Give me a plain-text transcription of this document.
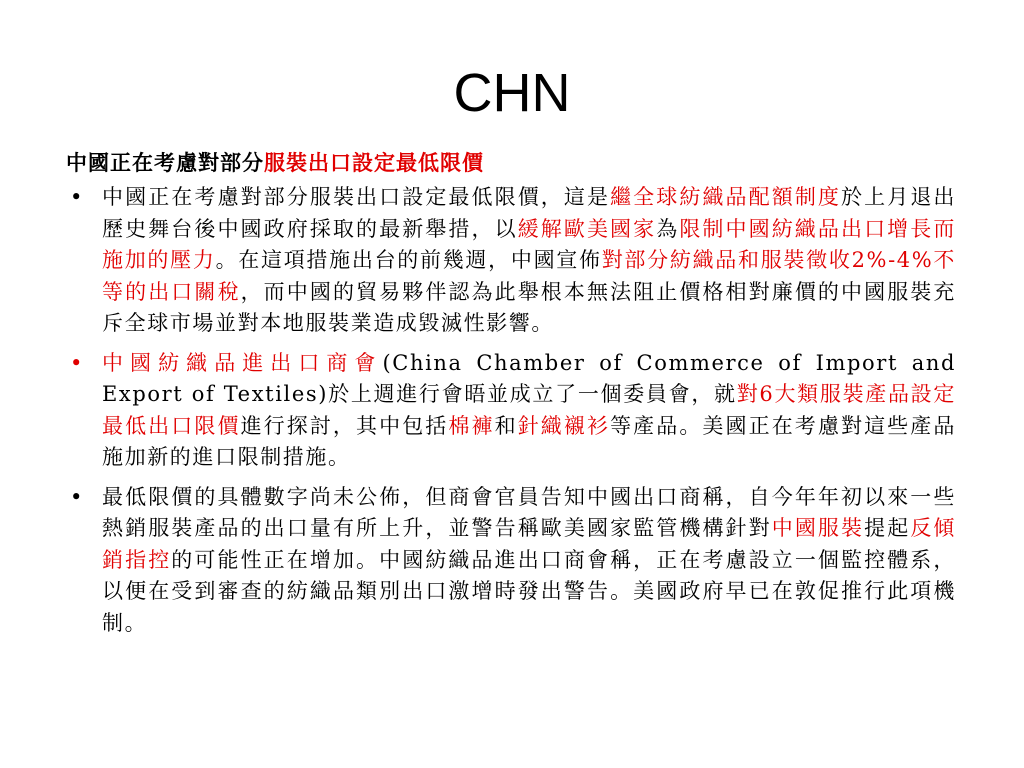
CHN

中國正在考慮對部分服裝出口設定最低限價

• 中國正在考慮對部分服裝出口設定最低限價，這是繼全球紡織品配額制度於上月退出歷史舞台後中國政府採取的最新舉措，以緩解歐美國家為限制中國紡織品出口增長而施加的壓力。在這項措施出台的前幾週，中國宣佈對部分紡織品和服裝徵收2%-4%不等的出口關稅，而中國的貿易夥伴認為此舉根本無法阻止價格相對廉價的中國服裝充斥全球市場並對本地服裝業造成毀滅性影響。
• 中國紡織品進出口商會(China Chamber of Commerce of Import and Export of Textiles)於上週進行會晤並成立了一個委員會，就對6大類服裝產品設定最低出口限價進行探討，其中包括棉褲和針織襯衫等產品。美國正在考慮對這些產品施加新的進口限制措施。
• 最低限價的具體數字尚未公佈，但商會官員告知中國出口商稱，自今年年初以來一些熱銷服裝產品的出口量有所上升，並警告稱歐美國家監管機構針對中國服裝提起反傾銷指控的可能性正在增加。中國紡織品進出口商會稱，正在考慮設立一個監控體系，以便在受到審查的紡織品類別出口激增時發出警告。美國政府早已在敦促推行此項機制。
